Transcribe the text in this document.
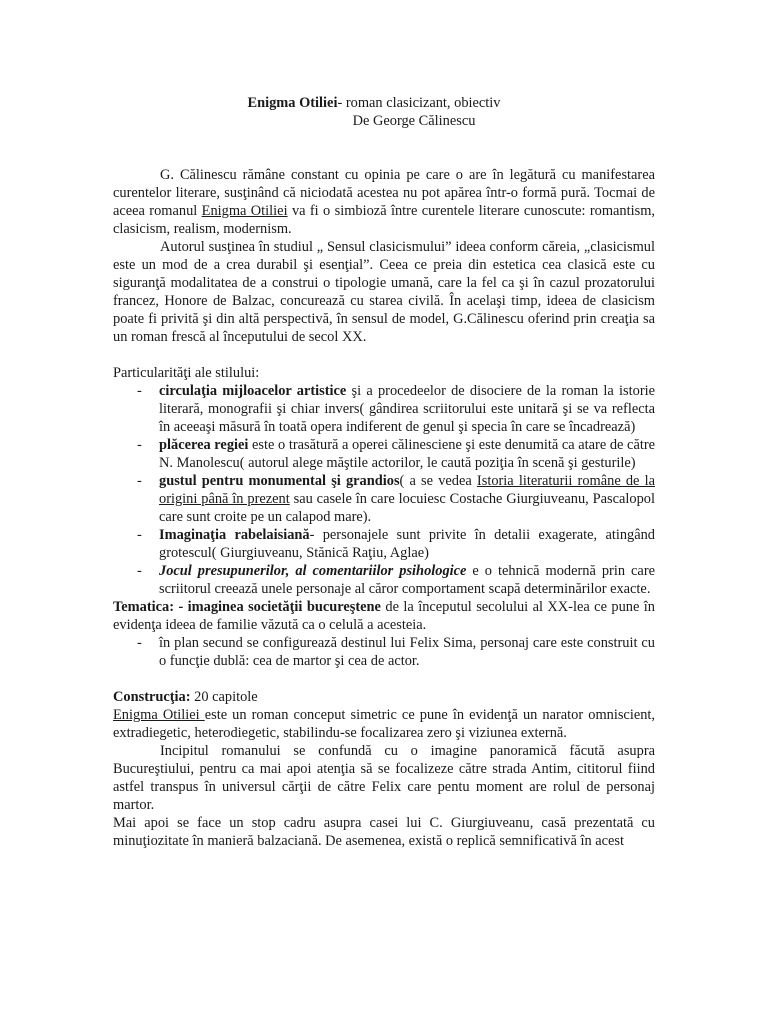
Enigma Otiliei- roman clasicizant, obiectiv
De George Călinescu

G. Călinescu rămâne constant cu opinia pe care o are în legătură cu manifestarea curentelor literare, susţinând că niciodată acestea nu pot apărea într-o formă pură. Tocmai de aceea romanul Enigma Otiliei va fi o simbioză între curentele literare cunoscute: romantism, clasicism, realism, modernism.

Autorul susţinea în studiul „ Sensul clasicismului” ideea conform căreia, „clasicismul este un mod de a crea durabil şi esenţial”. Ceea ce preia din estetica cea clasică este cu siguranţă modalitatea de a construi o tipologie umană, care la fel ca şi în cazul prozatorului francez, Honore de Balzac, concurează cu starea civilă. În acelaşi timp, ideea de clasicism poate fi privită şi din altă perspectivă, în sensul de model, G.Călinescu oferind prin creaţia sa un roman frescă al începutului de secol XX.

Particularităţi ale stilului:

- circulaţia mijloacelor artistice şi a procedeelor de disociere de la roman la istorie literară, monografii şi chiar invers( gândirea scriitorului este unitară şi se va reflecta în aceeaşi măsură în toată opera indiferent de genul şi specia în care se încadrează)
- plăcerea regiei este o trasătură a operei călinesciene şi este denumită ca atare de către N. Manolescu( autorul alege măştile actorilor, le caută poziţia în scenă şi gesturile)
- gustul pentru monumental şi grandios( a se vedea Istoria literaturii române de la origini până în prezent sau casele în care locuiesc Costache Giurgiuveanu, Pascalopol care sunt croite pe un calapod mare).
- Imaginaţia rabelaisiană- personajele sunt privite în detalii exagerate, atingând grotescul( Giurgiuveanu, Stănică Raţiu, Aglae)
- Jocul presupunerilor, al comentariilor psihologice e o tehnică modernă prin care scriitorul creează unele personaje al căror comportament scapă determinărilor exacte.

Tematica: - imaginea societăţii bucureştene de la începutul secolului al XX-lea ce pune în evidenţa ideea de familie văzută ca o celulă a acesteia.

- în plan secund se configurează destinul lui Felix Sima, personaj care este construit cu o funcţie dublă: cea de martor şi cea de actor.

Construcţia: 20 capitole

Enigma Otiliei este un roman conceput simetric ce pune în evidenţă un narator omniscient, extradiegetic, heterodiegetic, stabilindu-se focalizarea zero şi viziunea externă.

Incipitul romanului se confundă cu o imagine panoramică făcută asupra Bucureştiului, pentru ca mai apoi atenţia să se focalizeze către strada Antim, cititorul fiind astfel transpus în universul cărţii de către Felix care pentu moment are rolul de personaj martor.

Mai apoi se face un stop cadru asupra casei lui C. Giurgiuveanu, casă prezentată cu minuţiozitate în manieră balzaciană. De asemenea, există o replică semnificativă în acest
